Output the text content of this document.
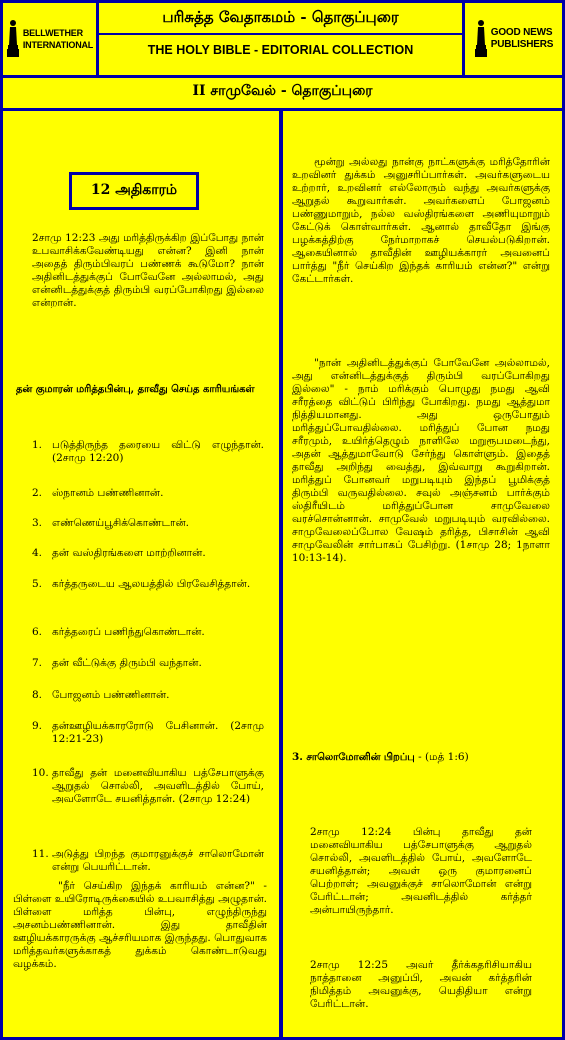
BELLWETHER
INTERNATIONAL
பரிசுத்த வேதாகமம் - தொகுப்புரை
THE HOLY BIBLE - EDITORIAL COLLECTION
GOOD NEWS
PUBLISHERS
II சாமுவேல் - தொகுப்புரை
12 அதிகாரம்
2சாமு 12:23 அது மரித்திருக்கிற இப்போது நான் உபவாசிக்கவேண்டியது என்ன? இனி நான் அதைத் திரும்பிவரப் பண்ணக் கூடுமோ? நான் அதினிடத்துக்குப் போவேனே அல்லாமல், அது என்னிடத்துக்குத் திரும்பி வரப்போகிறது இல்லை என்றான்.
தன் குமாரன் மரித்தபின்பு, தாவீது செய்த காரியங்கள்
1. படுத்திருந்த தரையை விட்டு எழுந்தான். (2சாமு 12:20)
2. ஸ்நானம் பண்ணினான்.
3. எண்ணெய்பூசிக்கொண்டான்.
4. தன் வஸ்திரங்களை மாற்றினான்.
5. கர்த்தருடைய ஆலயத்தில் பிரவேசித்தான்.
6. கர்த்தரைப் பணிந்துகொண்டான்.
7. தன் வீட்டுக்கு திரும்பி வந்தான்.
8. போஜனம் பண்ணினான்.
9. தன்ஊழியக்காரரோடு பேசினான். (2சாமு 12:21-23)
10. தாவீது தன் மனைவியாகிய பத்சேபாளுக்கு ஆறுதல் சொல்லி, அவளிடத்தில் போய், அவளோடே சயனித்தான். (2சாமு 12:24)
11. அடுத்து பிறந்த குமாரனுக்குச் சாலொமோன் என்று பெயரிட்டான்.
"நீர் செய்கிற இந்தக் காரியம் என்ன?" - பிள்ளை உயிரோடிருக்கையில் உபவாசித்து அழுதான். பிள்ளை மரித்த பின்பு, எழுந்திருந்து அசனம்பண்ணினான். இது தாவீதின் ஊழியக்காரருக்கு ஆச்சரியமாக இருந்தது. பொதுவாக மரித்தவர்களுக்காகத் துக்கம் கொண்டாடுவது வழக்கம்.
மூன்று அல்லது நான்கு நாட்களுக்கு மரித்தோரின் உறவினர் துக்கம் அனுசரிப்பார்கள். அவர்களுடைய உற்றார், உறவினர் எல்லோரும் வந்து அவர்களுக்கு ஆறுதல் கூறுவார்கள். அவர்களைப் போஜனம் பண்ணுமாறும், நல்ல வஸ்திரங்களை அணியுமாறும் கேட்டுக் கொள்வார்கள். ஆனால் தாவீதோ இங்கு பழக்கத்திற்கு நேர்மாறாகச் செயல்படுகிறான். ஆகையினால் தாவீதின் ஊழியக்காரர் அவனைப் பார்த்து "நீர் செய்கிற இந்தக் காரியம் என்ன?" என்று கேட்டார்கள்.
"நான் அதினிடத்துக்குப் போவேனே அல்லாமல், அது என்னிடத்துக்குத் திரும்பி வரப்போகிறது இல்லை" - நாம் மரிக்கும் பொழுது நமது ஆவி சரீரத்தை விட்டுப் பிரிந்து போகிறது. நமது ஆத்துமா நித்தியமானது. அது ஒருபோதும் மரித்துப்போவதில்லை. மரித்துப் போன நமது சரீரமும், உயிர்த்தெழும் நாளிலே மறுரூபமடைந்து, அதன் ஆத்துமாவோடு சேர்ந்து கொள்ளும். இதைத் தாவீது அறிந்து வைத்து, இவ்வாறு கூறுகிறான். மரித்துப் போனவர் மறுபடியும் இந்தப் பூமிக்குத் திரும்பி வருவதில்லை. சவுல் அஞ்சனம் பார்க்கும் ஸ்திரீயிடம் மரித்துப்போன சாமுவேலை வரச்சொன்னான். சாமுவேல் மறுபடியும் வரவில்லை. சாமுவேலைப்போல வேஷம் தரித்த, பிசாசின் ஆவி சாமுவேலின் சார்பாகப் பேசிற்று. (1சாமு 28; 1நாளா 10:13-14).
3. சாலொமோனின் பிறப்பு - (மத் 1:6)
2சாமு 12:24 பின்பு தாவீது தன் மனைவியாகிய பத்சேபாளுக்கு ஆறுதல் சொல்லி, அவளிடத்தில் போய், அவளோடே சயனித்தான்; அவள் ஒரு குமாரனைப் பெற்றாள்; அவனுக்குச் சாலொமோன் என்று பேரிட்டான்; அவனிடத்தில் கர்த்தர் அன்பாயிருந்தார்.
2சாமு 12:25 அவர் தீர்க்கதரிசியாகிய நாத்தானை அனுப்பி, அவன் கர்த்தரின் நிமித்தம் அவனுக்கு, யெதிதியா என்று பேரிட்டான்.
